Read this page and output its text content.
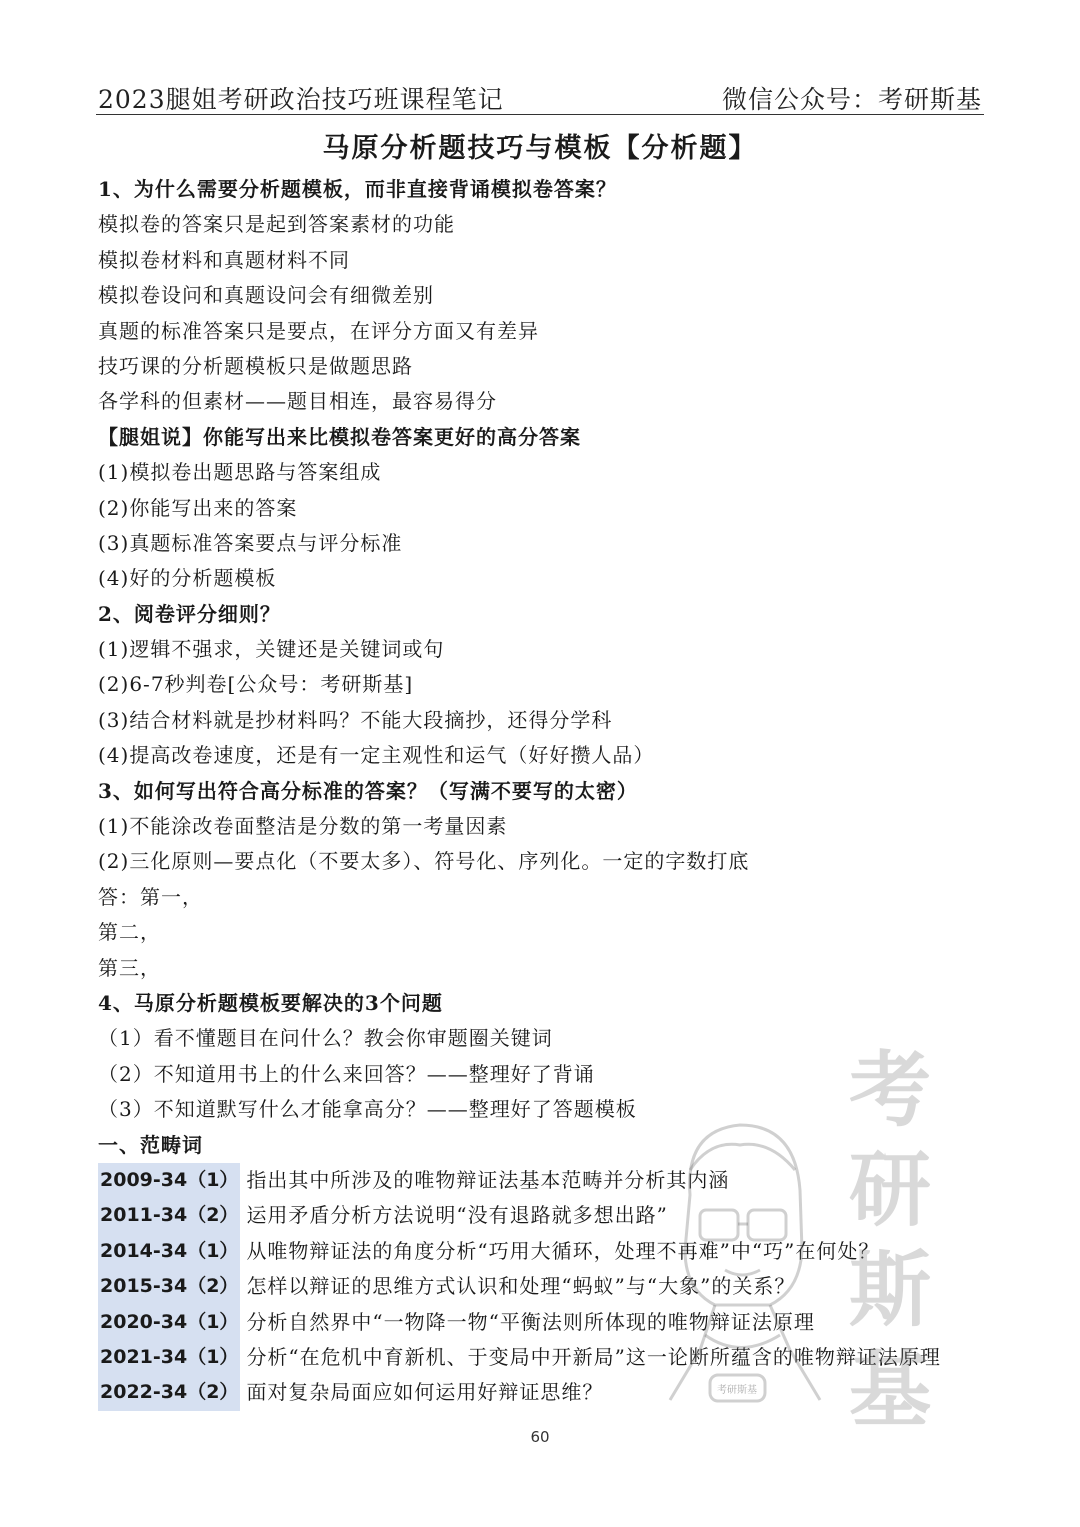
2023腿姐考研政治技巧班课程笔记	微信公众号：考研斯基
马原分析题技巧与模板【分析题】
1、为什么需要分析题模板，而非直接背诵模拟卷答案？
模拟卷的答案只是起到答案素材的功能
模拟卷材料和真题材料不同
模拟卷设问和真题设问会有细微差别
真题的标准答案只是要点，在评分方面又有差异
技巧课的分析题模板只是做题思路
各学科的但素材——题目相连，最容易得分
【腿姐说】你能写出来比模拟卷答案更好的高分答案
(1)模拟卷出题思路与答案组成
(2)你能写出来的答案
(3)真题标准答案要点与评分标准
(4)好的分析题模板
2、阅卷评分细则？
(1)逻辑不强求，关键还是关键词或句
(2)6-7秒判卷[公众号：考研斯基]
(3)结合材料就是抄材料吗？不能大段摘抄，还得分学科
(4)提高改卷速度，还是有一定主观性和运气（好好攒人品）
3、如何写出符合高分标准的答案？（写满不要写的太密）
(1)不能涂改卷面整洁是分数的第一考量因素
(2)三化原则—要点化（不要太多）、符号化、序列化。一定的字数打底
答：第一，
第二，
第三，
4、马原分析题模板要解决的3个问题
（1）看不懂题目在问什么？教会你审题圈关键词
（2）不知道用书上的什么来回答？——整理好了背诵
（3）不知道默写什么才能拿高分？——整理好了答题模板
一、范畴词
2009-34（1） 指出其中所涉及的唯物辩证法基本范畴并分析其内涵
2011-34（2） 运用矛盾分析方法说明“没有退路就多想出路”
2014-34（1） 从唯物辩证法的角度分析“巧用大循环，处理不再难”中“巧”在何处？
2015-34（2） 怎样以辩证的思维方式认识和处理“蚂蚁”与“大象”的关系？
2020-34（1） 分析自然界中“一物降一物“平衡法则所体现的唯物辩证法原理
2021-34（1） 分析“在危机中育新机、于变局中开新局”这一论断所蕴含的唯物辩证法原理
2022-34（2） 面对复杂局面应如何运用好辩证思维？
考
研
斯
基
考研斯基
60
